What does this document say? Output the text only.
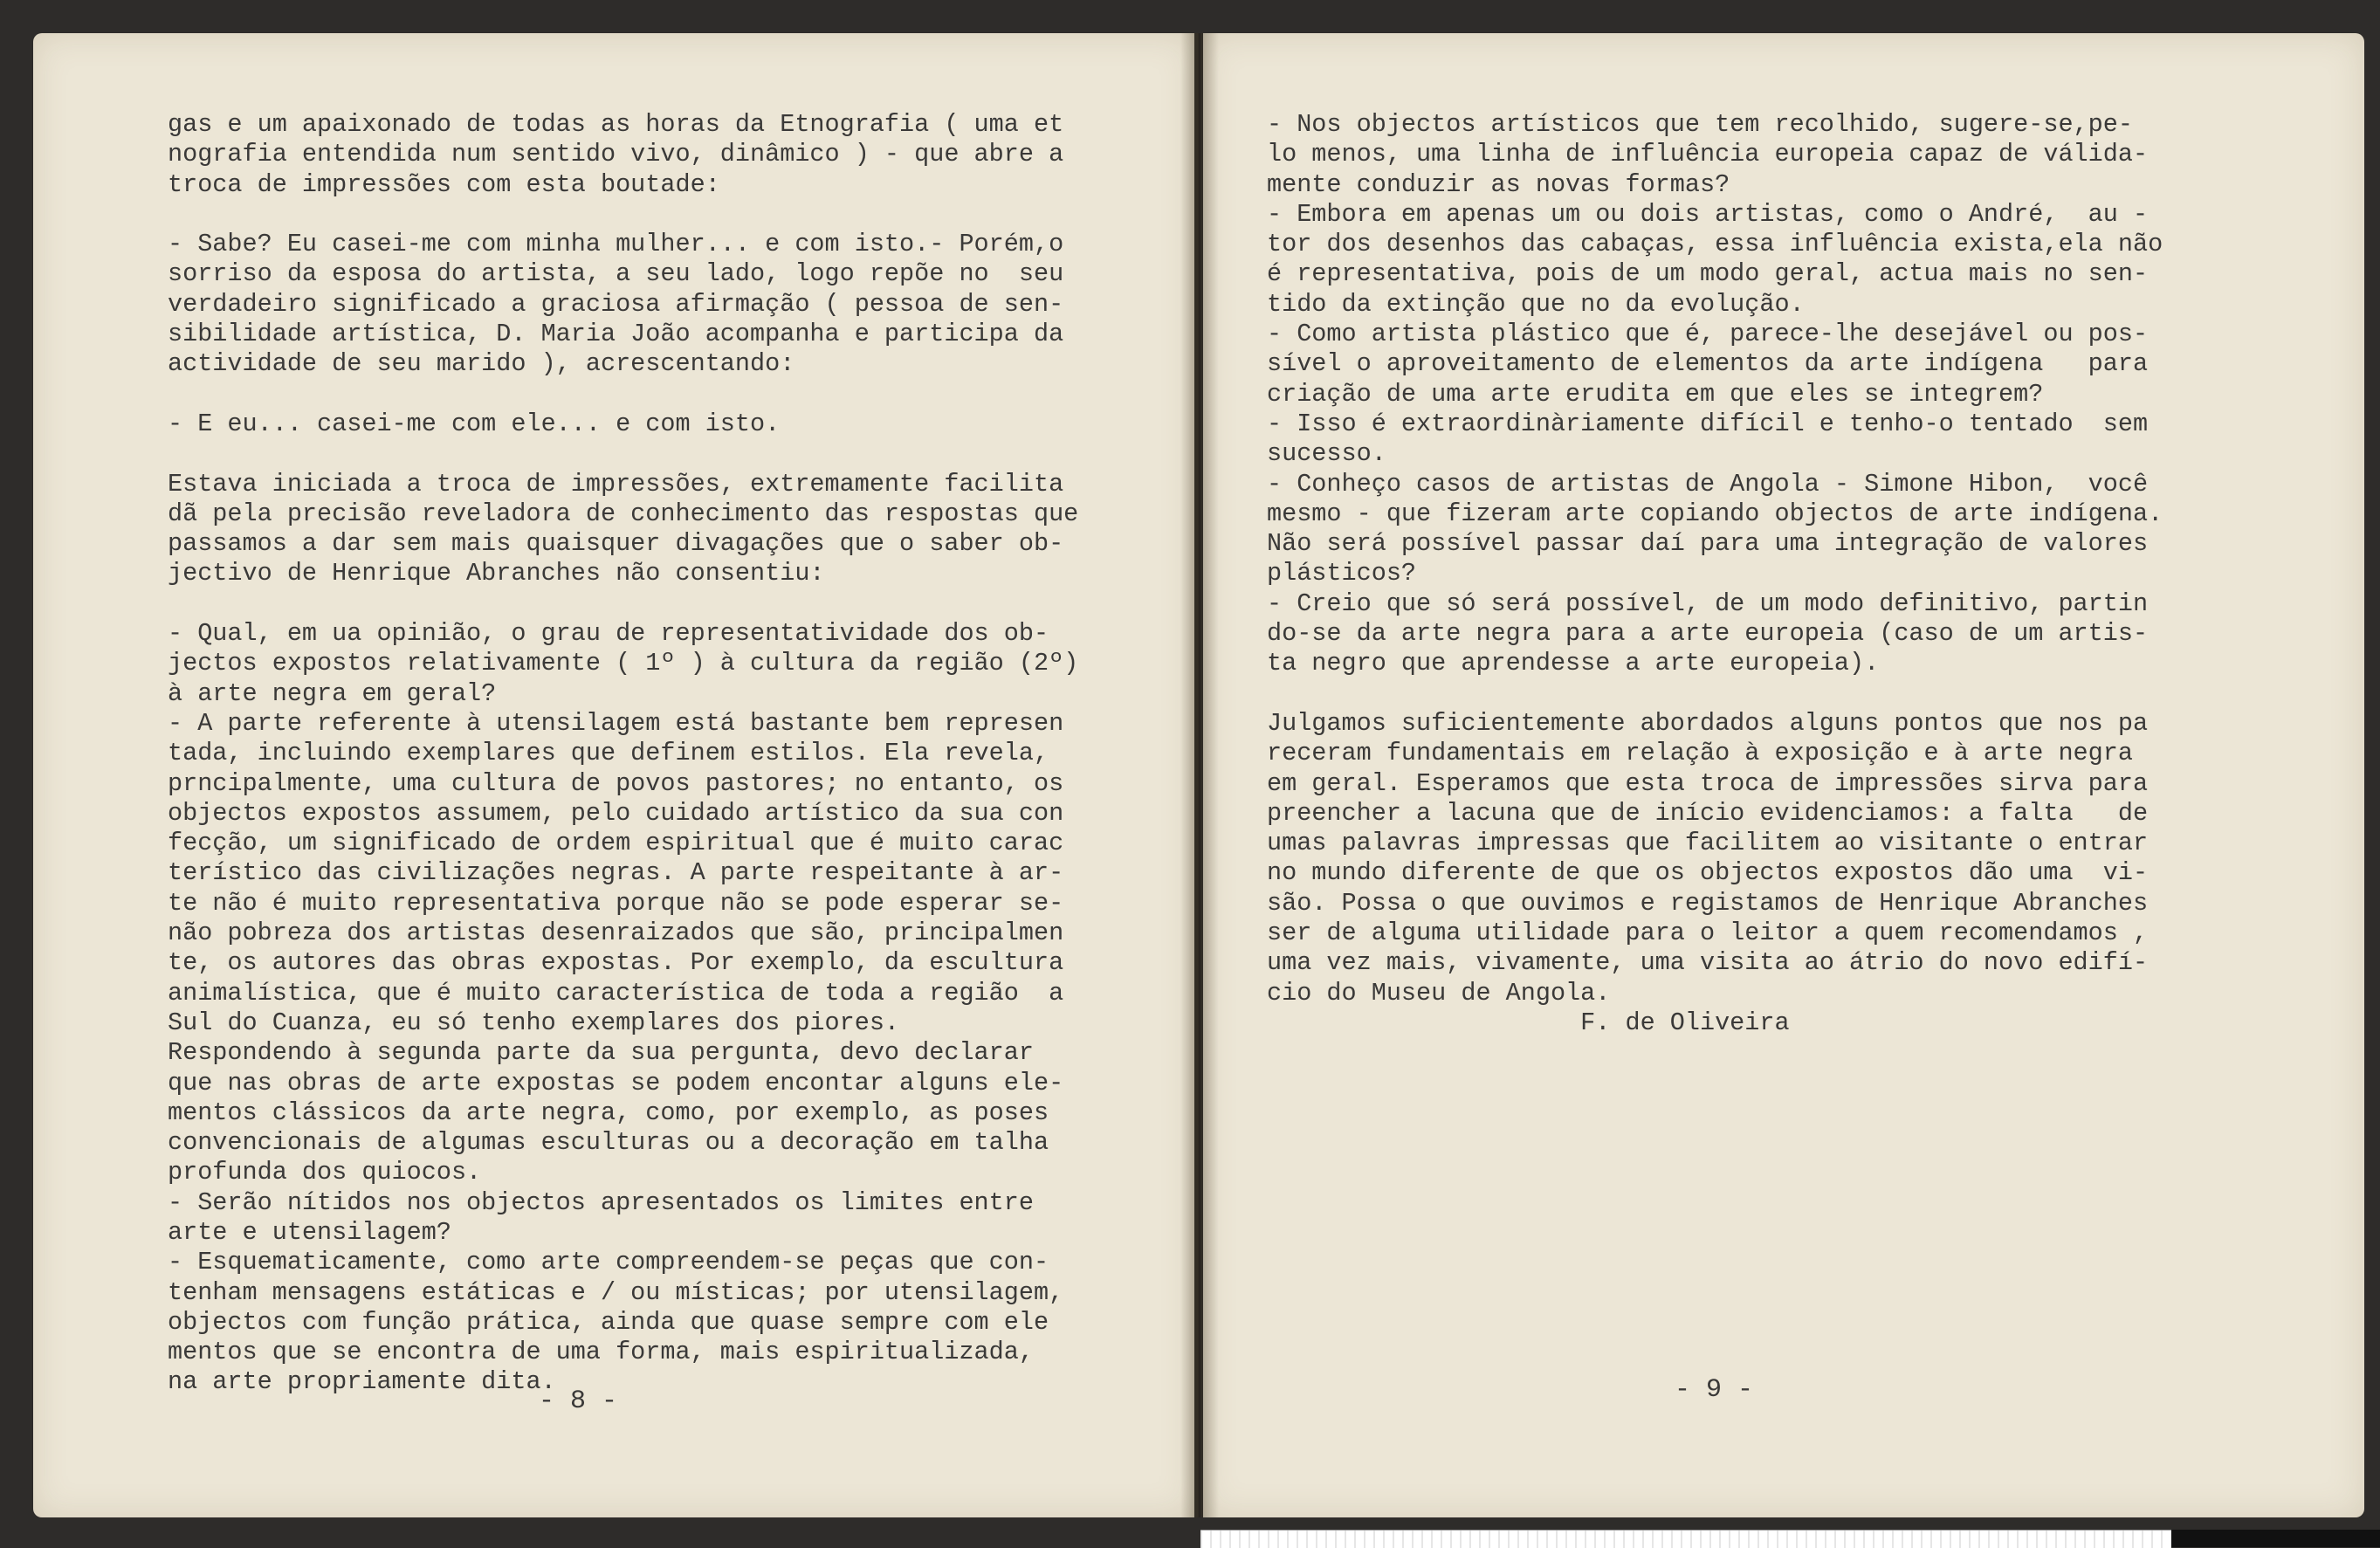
gas e um apaixonado de todas as horas da Etnografia ( uma et
nografia entendida num sentido vivo, dinâmico ) - que abre a
troca de impressões com esta boutade:

- Sabe? Eu casei-me com minha mulher... e com isto.- Porém,o
sorriso da esposa do artista, a seu lado, logo repõe no  seu
verdadeiro significado a graciosa afirmação ( pessoa de sen-
sibilidade artística, D. Maria João acompanha e participa da
actividade de seu marido ), acrescentando:

- E eu... casei-me com ele... e com isto.

Estava iniciada a troca de impressões, extremamente facilita
dã pela precisão reveladora de conhecimento das respostas que
passamos a dar sem mais quaisquer divagações que o saber ob-
jectivo de Henrique Abranches não consentiu:

- Qual, em ua opinião, o grau de representatividade dos ob-
jectos expostos relativamente ( 1º ) à cultura da região (2º)
à arte negra em geral?
- A parte referente à utensilagem está bastante bem represen
tada, incluindo exemplares que definem estilos. Ela revela,
prncipalmente, uma cultura de povos pastores; no entanto, os
objectos expostos assumem, pelo cuidado artístico da sua con
fecção, um significado de ordem espiritual que é muito carac
terístico das civilizações negras. A parte respeitante à ar-
te não é muito representativa porque não se pode esperar se-
não pobreza dos artistas desenraizados que são, principalmen
te, os autores das obras expostas. Por exemplo, da escultura
animalística, que é muito característica de toda a região  a
Sul do Cuanza, eu só tenho exemplares dos piores.
Respondendo à segunda parte da sua pergunta, devo declarar
que nas obras de arte expostas se podem encontar alguns ele-
mentos clássicos da arte negra, como, por exemplo, as poses
convencionais de algumas esculturas ou a decoração em talha
profunda dos quiocos.
- Serão nítidos nos objectos apresentados os limites entre
arte e utensilagem?
- Esquematicamente, como arte compreendem-se peças que con-
tenham mensagens estáticas e / ou místicas; por utensilagem,
objectos com função prática, ainda que quase sempre com ele
mentos que se encontra de uma forma, mais espiritualizada,
na arte propriamente dita.
- 8 -
- Nos objectos artísticos que tem recolhido, sugere-se,pe-
lo menos, uma linha de influência europeia capaz de válida-
mente conduzir as novas formas?
- Embora em apenas um ou dois artistas, como o André,  au -
tor dos desenhos das cabaças, essa influência exista,ela não
é representativa, pois de um modo geral, actua mais no sen-
tido da extinção que no da evolução.
- Como artista plástico que é, parece-lhe desejável ou pos-
sível o aproveitamento de elementos da arte indígena   para
criação de uma arte erudita em que eles se integrem?
- Isso é extraordinàriamente difícil e tenho-o tentado  sem
sucesso.
- Conheço casos de artistas de Angola - Simone Hibon,  você
mesmo - que fizeram arte copiando objectos de arte indígena.
Não será possível passar daí para uma integração de valores
plásticos?
- Creio que só será possível, de um modo definitivo, partin
do-se da arte negra para a arte europeia (caso de um artis-
ta negro que aprendesse a arte europeia).

Julgamos suficientemente abordados alguns pontos que nos pa
receram fundamentais em relação à exposição e à arte negra
em geral. Esperamos que esta troca de impressões sirva para
preencher a lacuna que de início evidenciamos: a falta   de
umas palavras impressas que facilitem ao visitante o entrar
no mundo diferente de que os objectos expostos dão uma  vi-
são. Possa o que ouvimos e registamos de Henrique Abranches
ser de alguma utilidade para o leitor a quem recomendamos ,
uma vez mais, vivamente, uma visita ao átrio do novo edifí-
cio do Museu de Angola.
F. de Oliveira
- 9 -
